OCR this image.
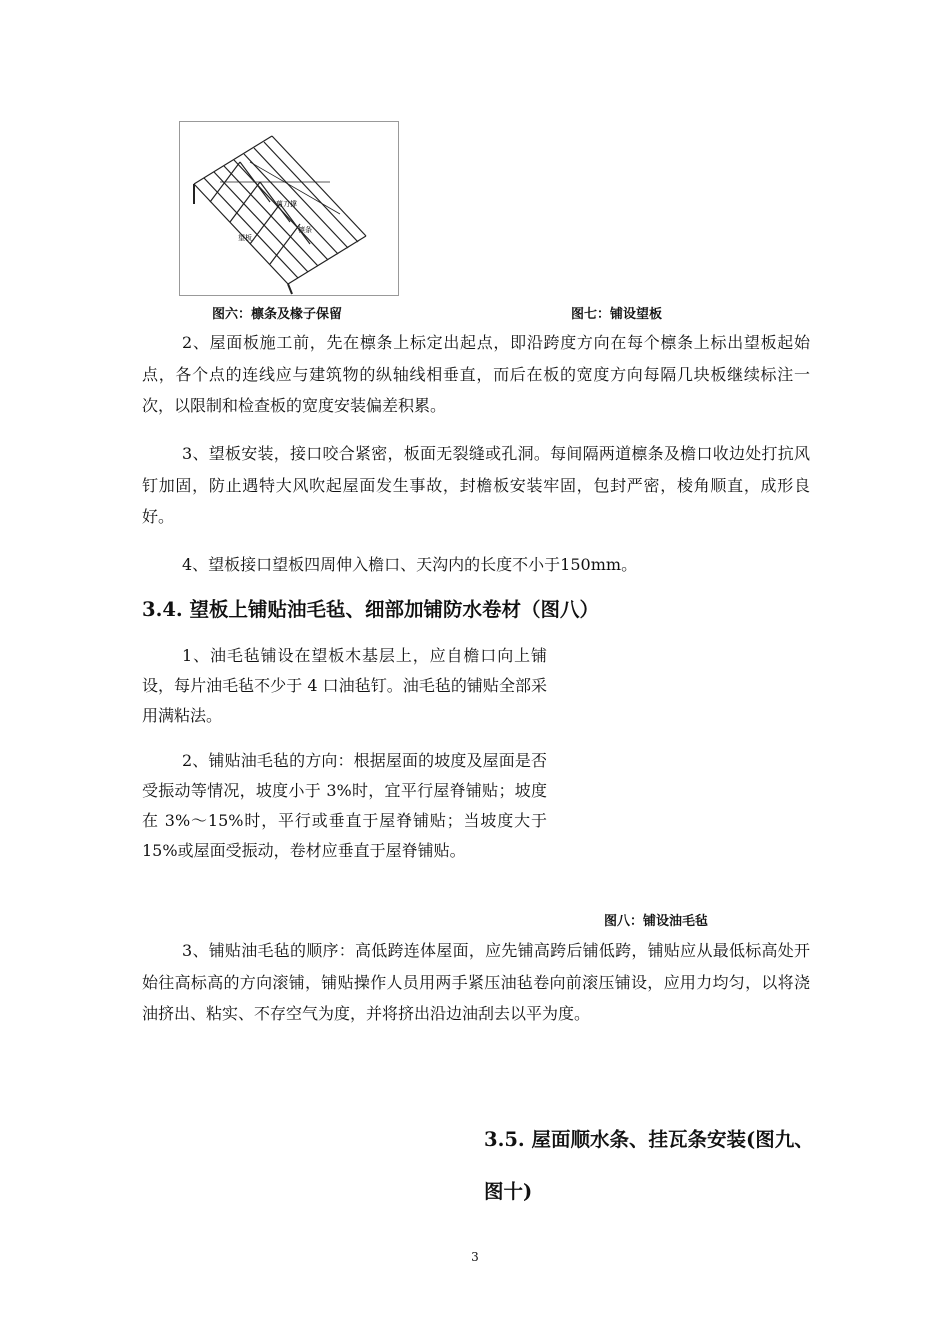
剪刀撑
檩条
望板
图六：檩条及椽子保留	图七：铺设望板

2、屋面板施工前，先在檩条上标定出起点，即沿跨度方向在每个檩条上标出望板起始点，各个点的连线应与建筑物的纵轴线相垂直，而后在板的宽度方向每隔几块板继续标注一次，以限制和检查板的宽度安装偏差积累。

3、望板安装，接口咬合紧密，板面无裂缝或孔洞。每间隔两道檩条及檐口收边处打抗风钉加固，防止遇特大风吹起屋面发生事故，封檐板安装牢固，包封严密，棱角顺直，成形良好。

4、望板接口望板四周伸入檐口、天沟内的长度不小于150mm。

3.4. 望板上铺贴油毛毡、细部加铺防水卷材（图八）

1、油毛毡铺设在望板木基层上，应自檐口向上铺设，每片油毛毡不少于 4 口油毡钉。油毛毡的铺贴全部采用满粘法。

2、铺贴油毛毡的方向：根据屋面的坡度及屋面是否受振动等情况，坡度小于 3%时，宜平行屋脊铺贴；坡度在 3%～15%时，平行或垂直于屋脊铺贴；当坡度大于 15%或屋面受振动，卷材应垂直于屋脊铺贴。

图八：铺设油毛毡

3、铺贴油毛毡的顺序：高低跨连体屋面，应先铺高跨后铺低跨，铺贴应从最低标高处开始往高标高的方向滚铺，铺贴操作人员用两手紧压油毡卷向前滚压铺设，应用力均匀，以将浇油挤出、粘实、不存空气为度，并将挤出沿边油刮去以平为度。

3.5. 屋面顺水条、挂瓦条安装(图九、图十)
3
